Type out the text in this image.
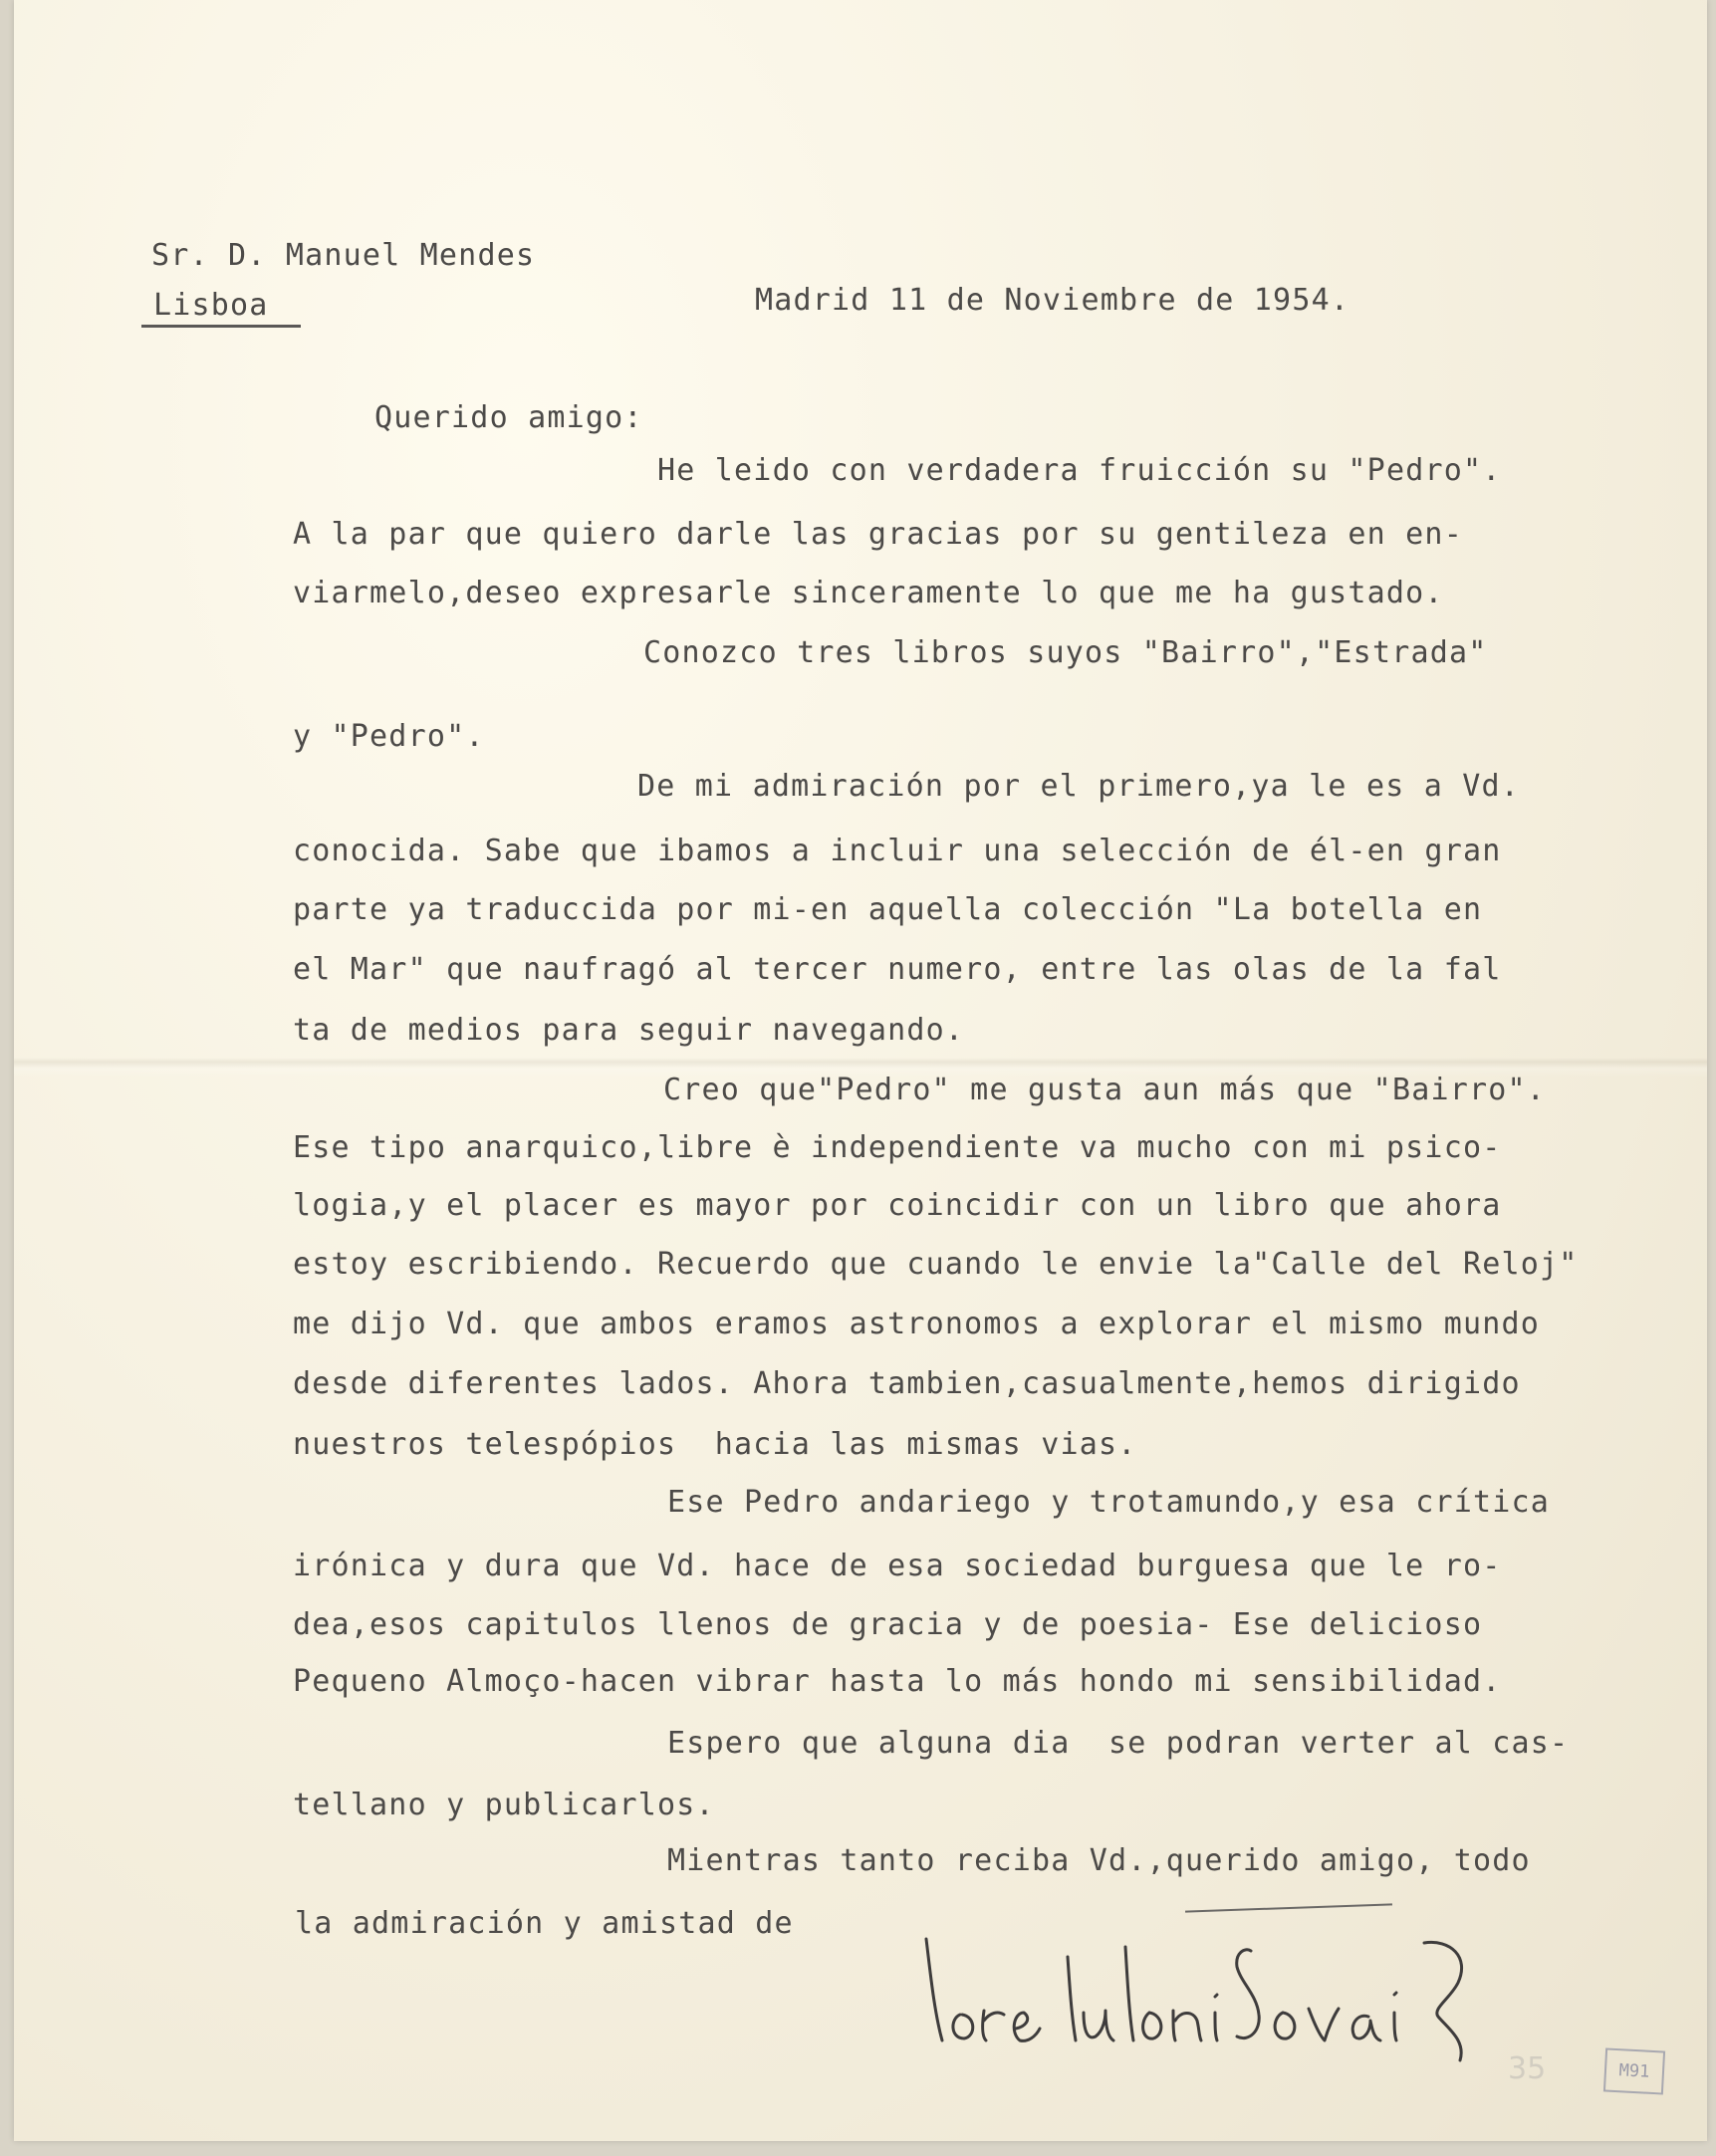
Sr. D. Manuel Mendes
Lisboa	Madrid 11 de Noviembre de 1954.
Querido amigo:
He leido con verdadera fruicción su "Pedro".
A la par que quiero darle las gracias por su gentileza en en-
viarmelo,deseo expresarle sinceramente lo que me ha gustado.
Conozco tres libros suyos "Bairro","Estrada"
y "Pedro".
De mi admiración por el primero,ya le es a Vd.
conocida. Sabe que ibamos a incluir una selección de él-en gran
parte ya traduccida por mi-en aquella colección "La botella en
el Mar" que naufragó al tercer numero, entre las olas de la fal
ta de medios para seguir navegando.
Creo que"Pedro" me gusta aun más que "Bairro".
Ese tipo anarquico,libre è independiente va mucho con mi psico-
logia,y el placer es mayor por coincidir con un libro que ahora
estoy escribiendo. Recuerdo que cuando le envie la"Calle del Reloj"
me dijo Vd. que ambos eramos astronomos a explorar el mismo mundo
desde diferentes lados. Ahora tambien,casualmente,hemos dirigido
nuestros telespópios  hacia las mismas vias.
Ese Pedro andariego y trotamundo,y esa crítica
irónica y dura que Vd. hace de esa sociedad burguesa que le ro-
dea,esos capitulos llenos de gracia y de poesia- Ese delicioso
Pequeno Almoço-hacen vibrar hasta lo más hondo mi sensibilidad.
Espero que alguna dia  se podran verter al cas-
tellano y publicarlos.
Mientras tanto reciba Vd.,querido amigo, todo
la admiración y amistad de
35	M91
